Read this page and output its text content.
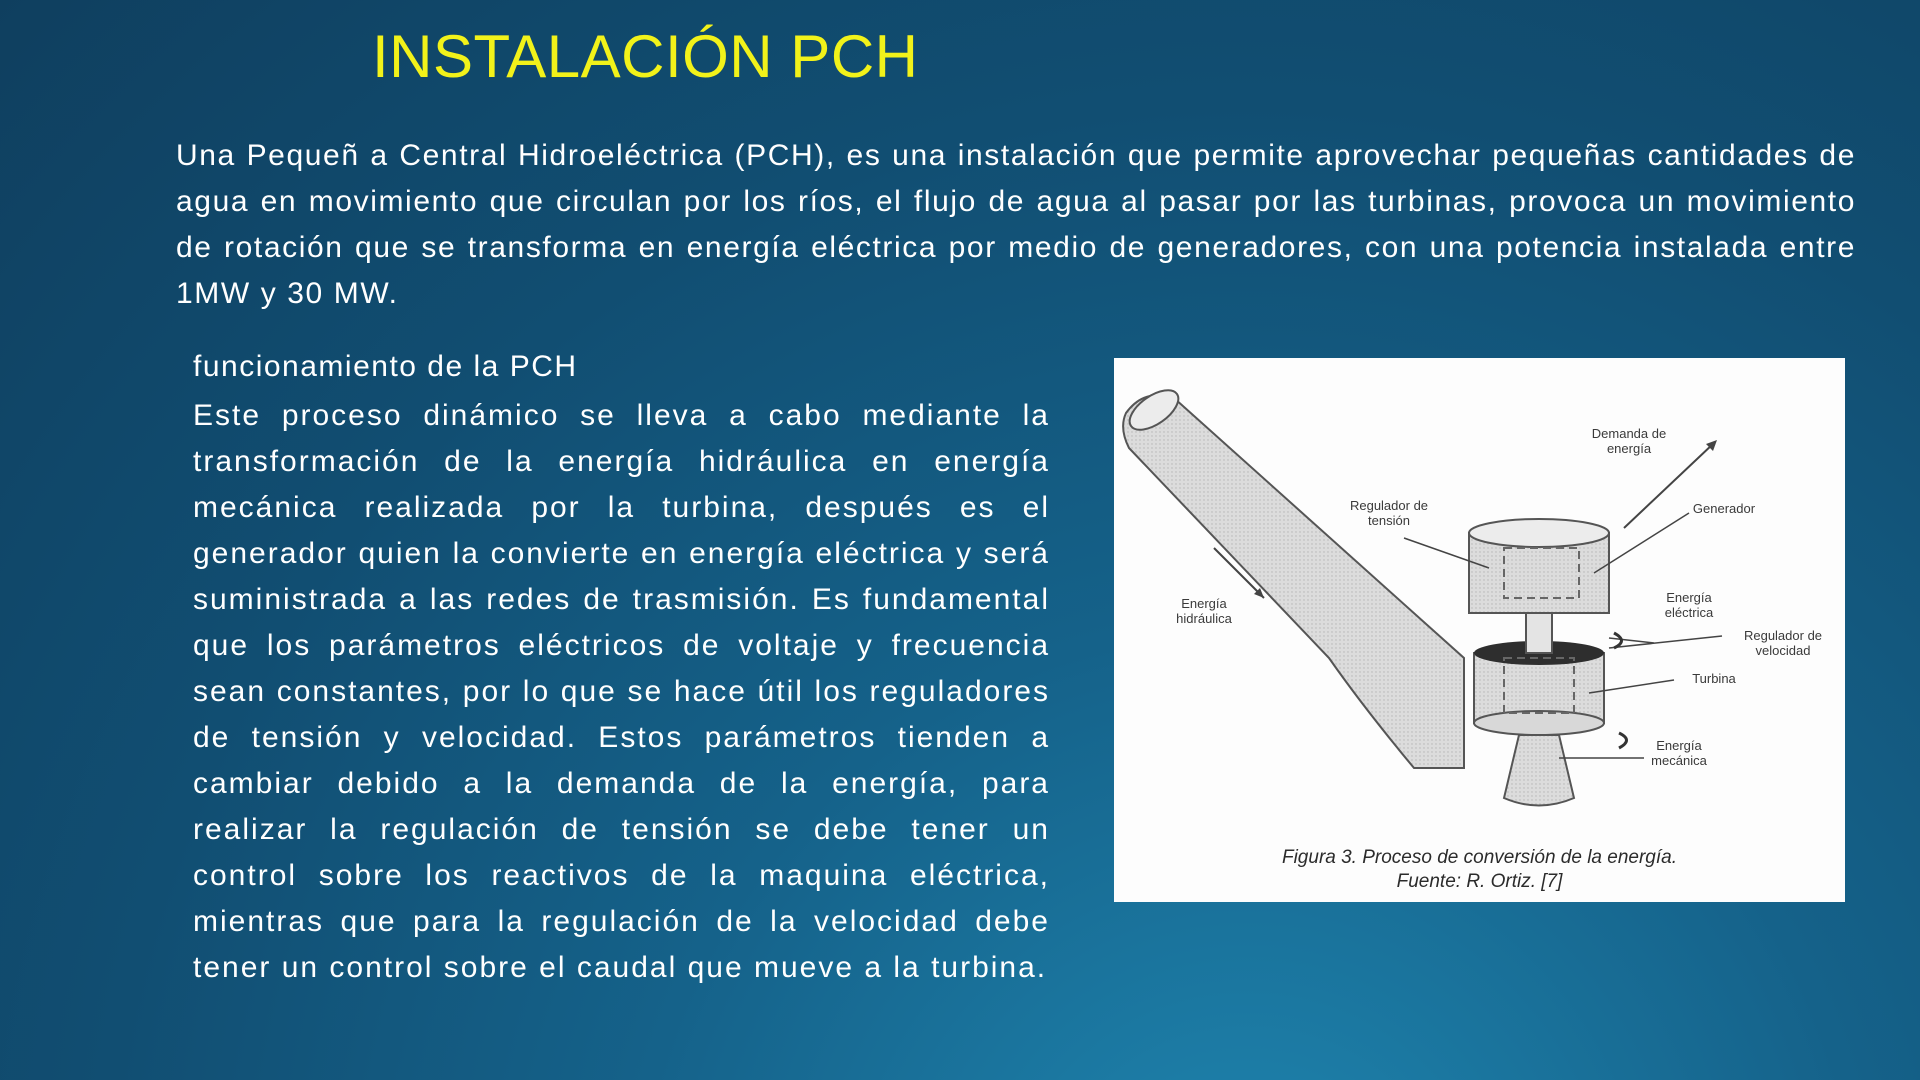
INSTALACIÓN PCH
Una Pequeñ a Central Hidroeléctrica (PCH), es una instalación que permite aprovechar pequeñas cantidades de agua en movimiento que circulan por los ríos, el flujo de agua al pasar por las turbinas, provoca un movimiento de rotación que se transforma en energía eléctrica por medio de generadores, con una potencia instalada entre 1MW y 30 MW.
funcionamiento de la PCH
Este proceso dinámico se lleva a cabo mediante la transformación de la energía hidráulica en energía mecánica realizada por la turbina, después es el generador quien la convierte en energía eléctrica y será suministrada a las redes de trasmisión. Es fundamental que los parámetros eléctricos de voltaje y frecuencia sean constantes, por lo que se hace útil los reguladores de tensión y velocidad. Estos parámetros tienden a cambiar debido a la demanda de la energía, para realizar la regulación de tensión se debe tener un control sobre los reactivos de la maquina eléctrica, mientras que para la regulación de la velocidad debe tener un control sobre el caudal que mueve a la turbina.
Demanda de energía
Regulador de tensión
Generador
Energía hidráulica
Energía eléctrica
Regulador de velocidad
Turbina
Energía mecánica
Figura 3. Proceso de conversión de la energía.
Fuente: R. Ortiz. [7]
